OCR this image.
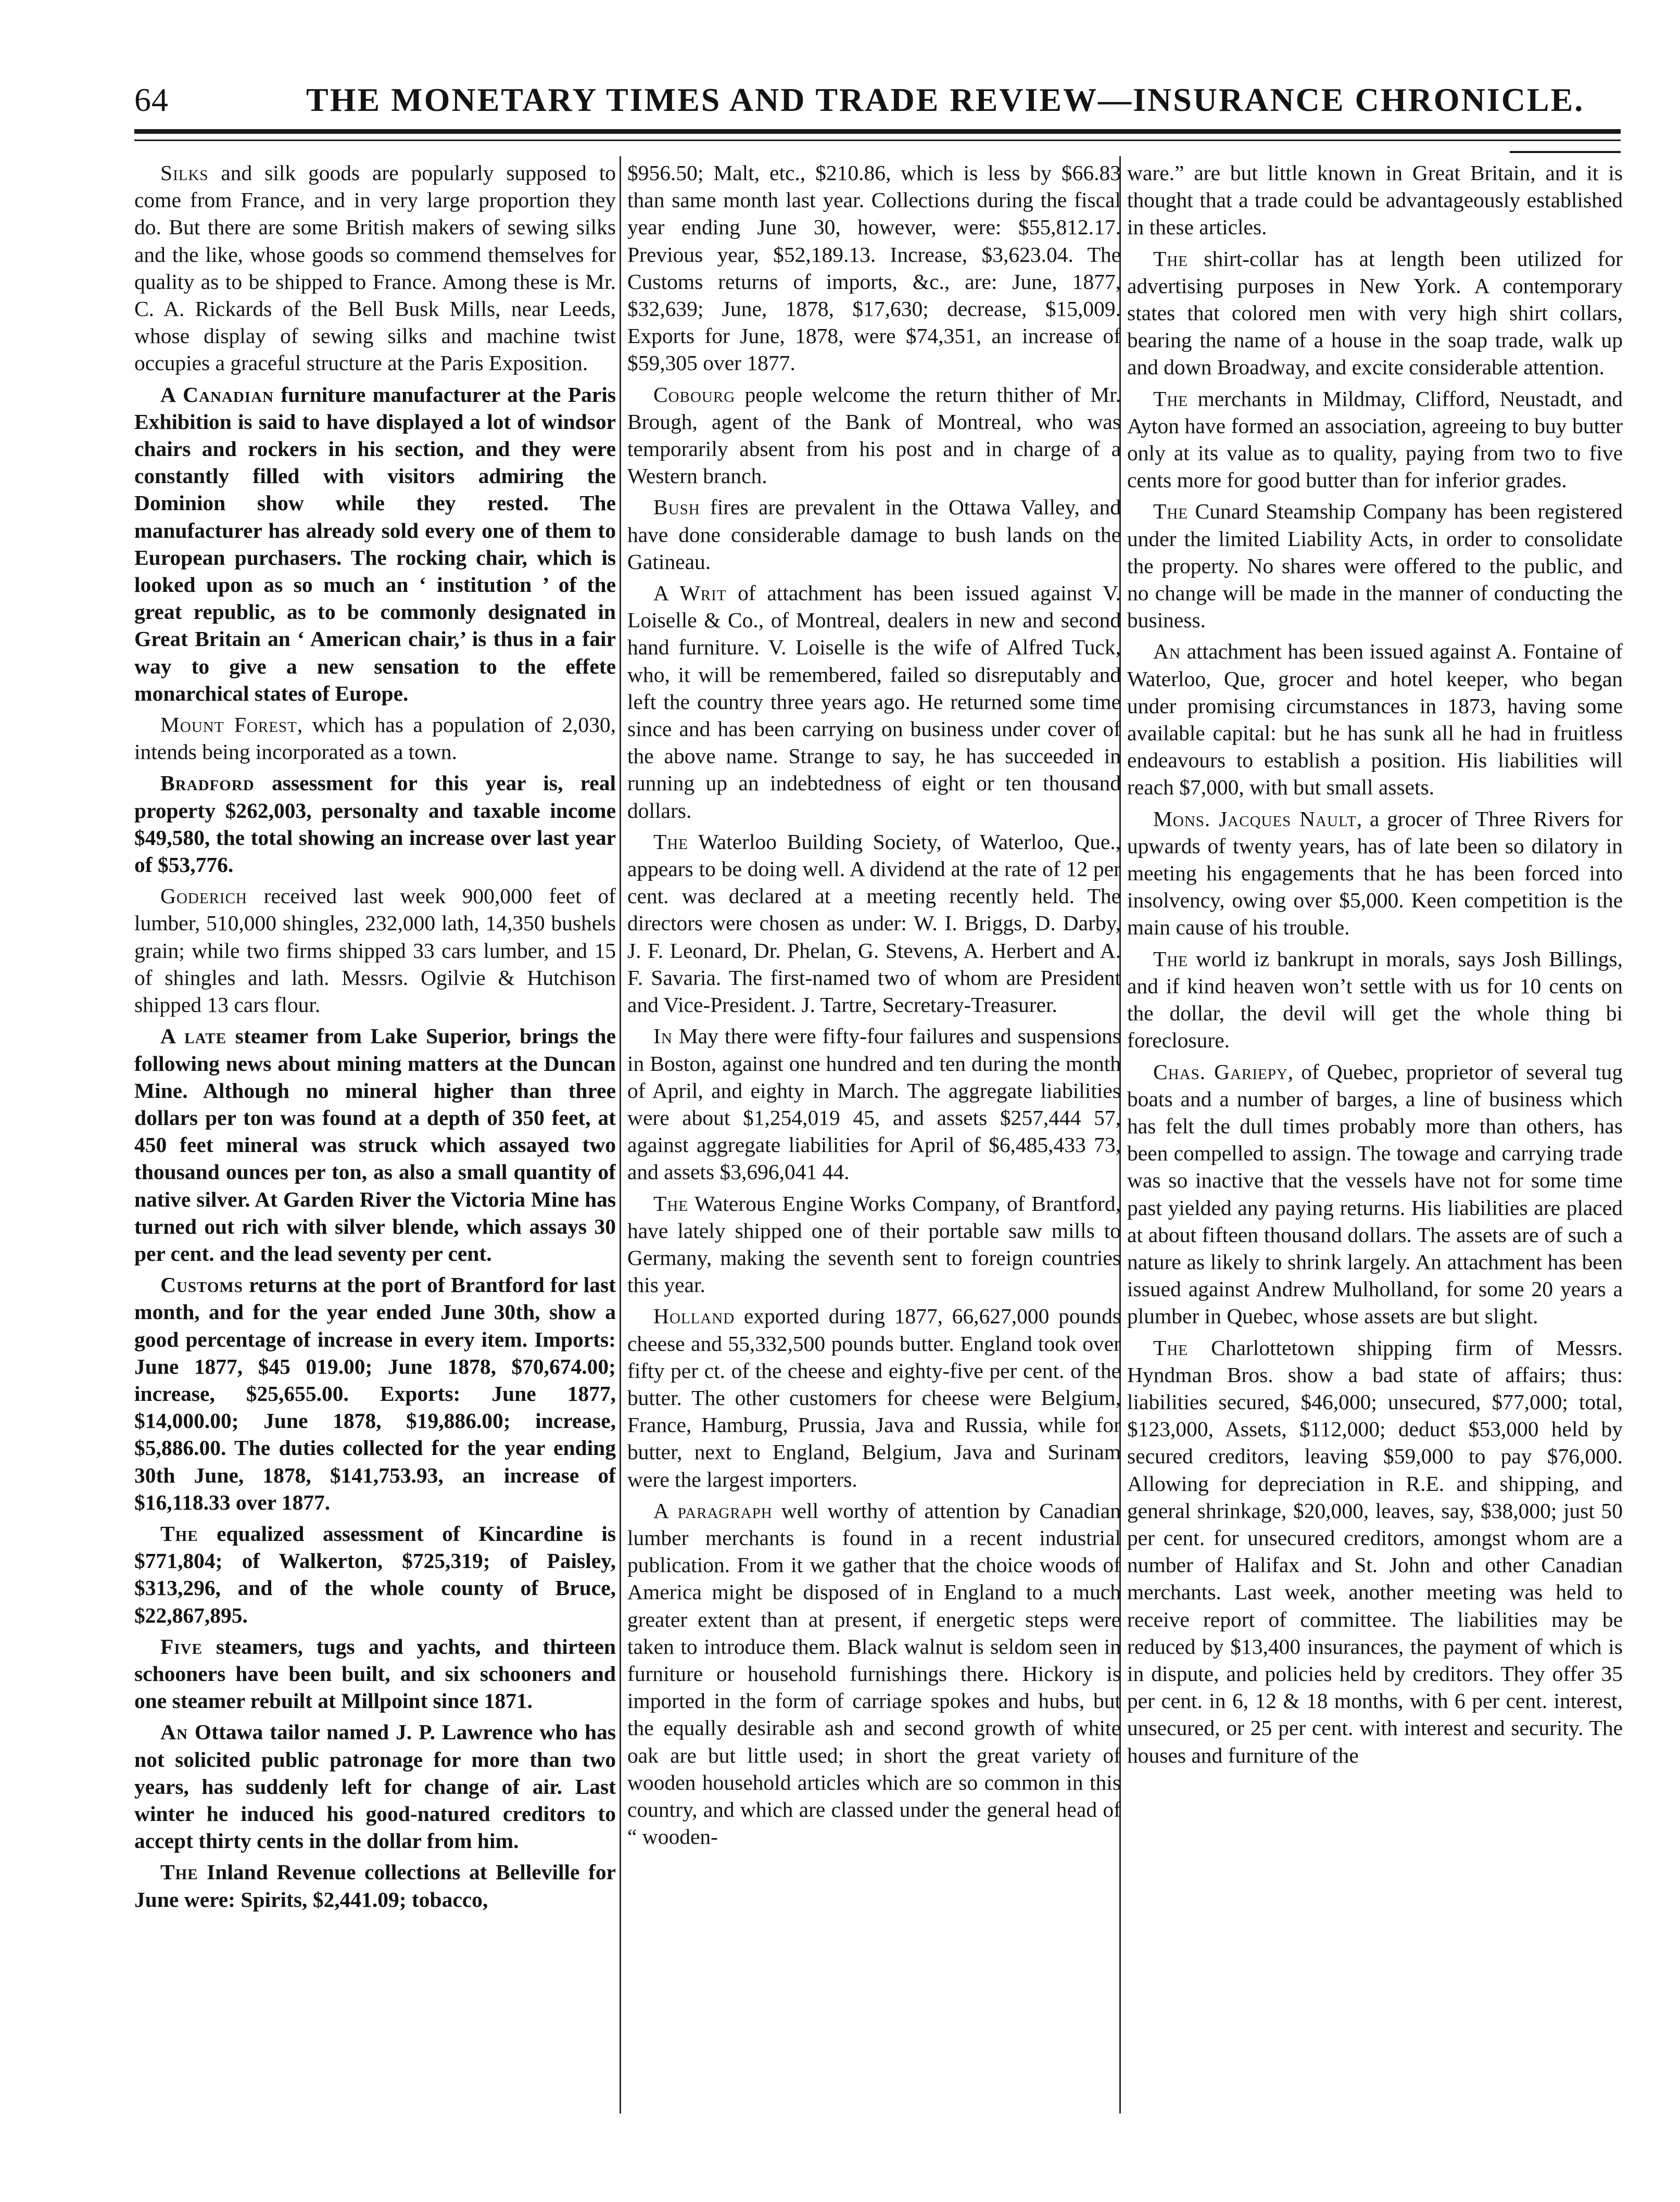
64	THE MONETARY TIMES AND TRADE REVIEW—INSURANCE CHRONICLE.

Silks and silk goods are popularly supposed to come from France, and in very large proportion they do. But there are some British makers of sewing silks and the like, whose goods so commend themselves for quality as to be shipped to France. Among these is Mr. C. A. Rickards of the Bell Busk Mills, near Leeds, whose display of sewing silks and machine twist occupies a graceful structure at the Paris Exposition.

A Canadian furniture manufacturer at the Paris Exhibition is said to have displayed a lot of windsor chairs and rockers in his section, and they were constantly filled with visitors admiring the Dominion show while they rested. The manufacturer has already sold every one of them to European purchasers. The rocking chair, which is looked upon as so much an ‘ institution ’ of the great republic, as to be commonly designated in Great Britain an ‘ American chair,’ is thus in a fair way to give a new sensation to the effete monarchical states of Europe.

Mount Forest, which has a population of 2,030, intends being incorporated as a town.

Bradford assessment for this year is, real property $262,003, personalty and taxable income $49,580, the total showing an increase over last year of $53,776.

Goderich received last week 900,000 feet of lumber, 510,000 shingles, 232,000 lath, 14,350 bushels grain; while two firms shipped 33 cars lumber, and 15 of shingles and lath. Messrs. Ogilvie & Hutchison shipped 13 cars flour.

A late steamer from Lake Superior, brings the following news about mining matters at the Duncan Mine. Although no mineral higher than three dollars per ton was found at a depth of 350 feet, at 450 feet mineral was struck which assayed two thousand ounces per ton, as also a small quantity of native silver. At Garden River the Victoria Mine has turned out rich with silver blende, which assays 30 per cent. and the lead seventy per cent.

Customs returns at the port of Brantford for last month, and for the year ended June 30th, show a good percentage of increase in every item. Imports: June 1877, $45 019.00; June 1878, $70,674.00; increase, $25,655.00. Exports: June 1877, $14,000.00; June 1878, $19,886.00; increase, $5,886.00. The duties collected for the year ending 30th June, 1878, $141,753.93, an increase of $16,118.33 over 1877.

The equalized assessment of Kincardine is $771,804; of Walkerton, $725,319; of Paisley, $313,296, and of the whole county of Bruce, $22,867,895.

Five steamers, tugs and yachts, and thirteen schooners have been built, and six schooners and one steamer rebuilt at Millpoint since 1871.

An Ottawa tailor named J. P. Lawrence who has not solicited public patronage for more than two years, has suddenly left for change of air. Last winter he induced his good-natured creditors to accept thirty cents in the dollar from him.

The Inland Revenue collections at Belleville for June were: Spirits, $2,441.09; tobacco,

$956.50; Malt, etc., $210.86, which is less by $66.83 than same month last year. Collections during the fiscal year ending June 30, however, were: $55,812.17. Previous year, $52,189.13. Increase, $3,623.04. The Customs returns of imports, &c., are: June, 1877, $32,639; June, 1878, $17,630; decrease, $15,009. Exports for June, 1878, were $74,351, an increase of $59,305 over 1877.

Cobourg people welcome the return thither of Mr. Brough, agent of the Bank of Montreal, who was temporarily absent from his post and in charge of a Western branch.

Bush fires are prevalent in the Ottawa Valley, and have done considerable damage to bush lands on the Gatineau.

A Writ of attachment has been issued against V. Loiselle & Co., of Montreal, dealers in new and second hand furniture. V. Loiselle is the wife of Alfred Tuck, who, it will be remembered, failed so disreputably and left the country three years ago. He returned some time since and has been carrying on business under cover of the above name. Strange to say, he has succeeded in running up an indebtedness of eight or ten thousand dollars.

The Waterloo Building Society, of Waterloo, Que., appears to be doing well. A dividend at the rate of 12 per cent. was declared at a meeting recently held. The directors were chosen as under: W. I. Briggs, D. Darby, J. F. Leonard, Dr. Phelan, G. Stevens, A. Herbert and A. F. Savaria. The first-named two of whom are President and Vice-President. J. Tartre, Secretary-Treasurer.

In May there were fifty-four failures and suspensions in Boston, against one hundred and ten during the month of April, and eighty in March. The aggregate liabilities were about $1,254,019 45, and assets $257,444 57, against aggregate liabilities for April of $6,485,433 73, and assets $3,696,041 44.

The Waterous Engine Works Company, of Brantford, have lately shipped one of their portable saw mills to Germany, making the seventh sent to foreign countries this year.

Holland exported during 1877, 66,627,000 pounds cheese and 55,332,500 pounds butter. England took over fifty per ct. of the cheese and eighty-five per cent. of the butter. The other customers for cheese were Belgium, France, Hamburg, Prussia, Java and Russia, while for butter, next to England, Belgium, Java and Surinam were the largest importers.

A paragraph well worthy of attention by Canadian lumber merchants is found in a recent industrial publication. From it we gather that the choice woods of America might be disposed of in England to a much greater extent than at present, if energetic steps were taken to introduce them. Black walnut is seldom seen in furniture or household furnishings there. Hickory is imported in the form of carriage spokes and hubs, but the equally desirable ash and second growth of white oak are but little used; in short the great variety of wooden household articles which are so common in this country, and which are classed under the general head of “ wooden-

ware.” are but little known in Great Britain, and it is thought that a trade could be advantageously established in these articles.

The shirt-collar has at length been utilized for advertising purposes in New York. A contemporary states that colored men with very high shirt collars, bearing the name of a house in the soap trade, walk up and down Broadway, and excite considerable attention.

The merchants in Mildmay, Clifford, Neustadt, and Ayton have formed an association, agreeing to buy butter only at its value as to quality, paying from two to five cents more for good butter than for inferior grades.

The Cunard Steamship Company has been registered under the limited Liability Acts, in order to consolidate the property. No shares were offered to the public, and no change will be made in the manner of conducting the business.

An attachment has been issued against A. Fontaine of Waterloo, Que, grocer and hotel keeper, who began under promising circumstances in 1873, having some available capital: but he has sunk all he had in fruitless endeavours to establish a position. His liabilities will reach $7,000, with but small assets.

Mons. Jacques Nault, a grocer of Three Rivers for upwards of twenty years, has of late been so dilatory in meeting his engagements that he has been forced into insolvency, owing over $5,000. Keen competition is the main cause of his trouble.

The world iz bankrupt in morals, says Josh Billings, and if kind heaven won’t settle with us for 10 cents on the dollar, the devil will get the whole thing bi foreclosure.

Chas. Gariepy, of Quebec, proprietor of several tug boats and a number of barges, a line of business which has felt the dull times probably more than others, has been compelled to assign. The towage and carrying trade was so inactive that the vessels have not for some time past yielded any paying returns. His liabilities are placed at about fifteen thousand dollars. The assets are of such a nature as likely to shrink largely. An attachment has been issued against Andrew Mulholland, for some 20 years a plumber in Quebec, whose assets are but slight.

The Charlottetown shipping firm of Messrs. Hyndman Bros. show a bad state of affairs; thus: liabilities secured, $46,000; unsecured, $77,000; total, $123,000, Assets, $112,000; deduct $53,000 held by secured creditors, leaving $59,000 to pay $76,000. Allowing for depreciation in R.E. and shipping, and general shrinkage, $20,000, leaves, say, $38,000; just 50 per cent. for unsecured creditors, amongst whom are a number of Halifax and St. John and other Canadian merchants. Last week, another meeting was held to receive report of committee. The liabilities may be reduced by $13,400 insurances, the payment of which is in dispute, and policies held by creditors. They offer 35 per cent. in 6, 12 & 18 months, with 6 per cent. interest, unsecured, or 25 per cent. with interest and security. The houses and furniture of the
